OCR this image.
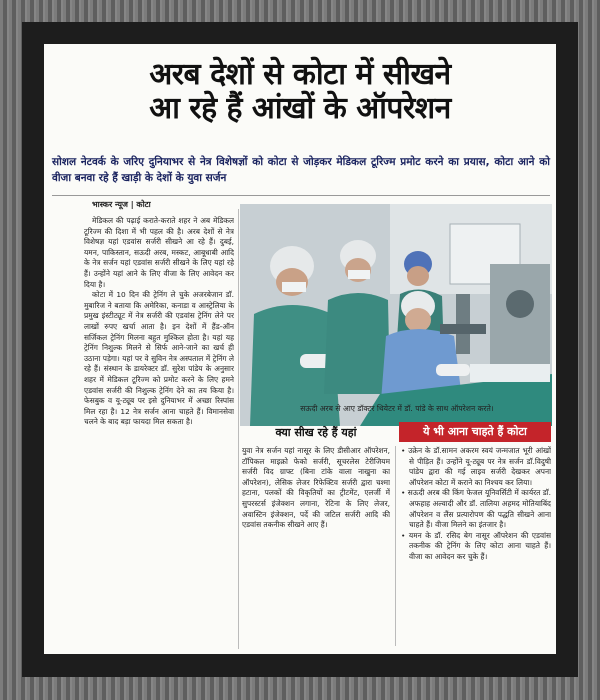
अरब देशों से कोटा में सीखने
आ रहे हैं आंखों के ऑपरेशन
सोशल नेटवर्क के जरिए दुनियाभर से नेत्र विशेषज्ञों को कोटा से जोड़कर मेडिकल टूरिज्म प्रमोट करने का प्रयास, कोटा आने को वीजा बनवा रहे हैं खाड़ी के देशों के युवा सर्जन
भास्कर न्यूज | कोटा

मेडिकल की पढ़ाई कराते-कराते शहर ने अब मेडिकल टूरिज्म की दिशा में भी पहल की है। अरब देशों से नेत्र विशेषज्ञ यहां एडवांस सर्जरी सीखने आ रहे हैं। दुबई, यमन, पाकिस्तान, सऊदी अरब, मस्कट, आबूधाबी आदि के नेत्र सर्जन यहां एडवांस सर्जरी सीखने के लिए यहां रहे हैं। उन्होंने यहां आने के लिए वीजा के लिए आवेदन कर दिया है।

कोटा में 10 दिन की ट्रेनिंग ले चुके अजरबेजान डॉ. मुबारिज ने बताया कि अमेरिका, कनाडा व आस्ट्रेलिया के प्रमुख इंस्टीट्यूट में नेत्र सर्जरी की एडवांस ट्रेनिंग लेने पर लाखों रुपए खर्चा आता है। इन देशों में हैंड-ऑन सर्जिकल ट्रेनिंग मिलना बहुत मुश्किल होता है। यहां यह ट्रेनिंग निशुल्क मिलने से सिर्फ आने-जाने का खर्च ही उठाना पड़ेगा। यहां पर वे सुविन नेत्र अस्पताल में ट्रेनिंग ले रहे हैं। संस्थान के डायरेक्टर डॉ. सुरेश पांडेय के अनुसार शहर में मेडिकल टूरिज्म को प्रमोट करने के लिए हमने एडवांस सर्जरी की निशुल्क ट्रेनिंग देने का तय किया है। फेसबुक व यू-ट्यूब पर इसे दुनियाभर में अच्छा रिस्पांस मिल रहा है। 12 नेत्र सर्जन आना चाहते हैं। विमानसेवा चलने के बाद बड़ा फायदा मिल सकता है।

सऊदी अरब से आए डॉक्टर थियेटर में डॉ. पांडे के साथ ऑपरेशन करते।
क्या सीख रहे हैं यहां	ये भी आना चाहते हैं कोटा
युवा नेत्र सर्जन यहां नासूर के लिए डीसीआर ऑपरेशन, टॉपिकल माइक्रो फेको सर्जरी, सूचरलेस टेरीजियम सर्जरी विद ग्राफ्ट (बिना टांके वाला नाखुना का ऑपरेशन), लेसिक लेजर रिफेक्टिव सर्जरी द्वारा चश्मा हटाना, पलकों की विकृतियों का ट्रीटमेंट, एलर्जी में सुपरस्टर्स इंजेक्शन लगाना, रेटिना के लिए लेजर, अवास्टिन इंजेक्शन, पर्दे की जटिल सर्जरी आदि की एडवांस तकनीक सीखने आए हैं।

• उक्रेन के डॉ.सामन अकरम स्वयं जन्मजात भूरी आंखों से पीड़ित हैं। उन्होंने यू-ट्यूब पर नेत्र सर्जन डॉ.विदुषी पांडेय द्वारा की गई लाइव सर्जरी देखकर अपना ऑपरेशन कोटा में कराने का निश्चय कर लिया।

• सऊदी अरब की किंग फेजल यूनिवर्सिटी में कार्यरत डॉ. अफहाह अल्वादी और डॉ. तालिया अहमद मोतियाबिंद ऑपरेशन व लैंस प्रत्यारोपण की पद्धति सीखने आना चाहते हैं। वीजा मिलने का इंतजार है।

• यमन के डॉ. रसिद बेग नासूर ऑपरेशन की एडवांस तकनीक की ट्रेनिंग के लिए कोटा आना चाहते हैं। वीजा का आवेदन कर चुके हैं।
